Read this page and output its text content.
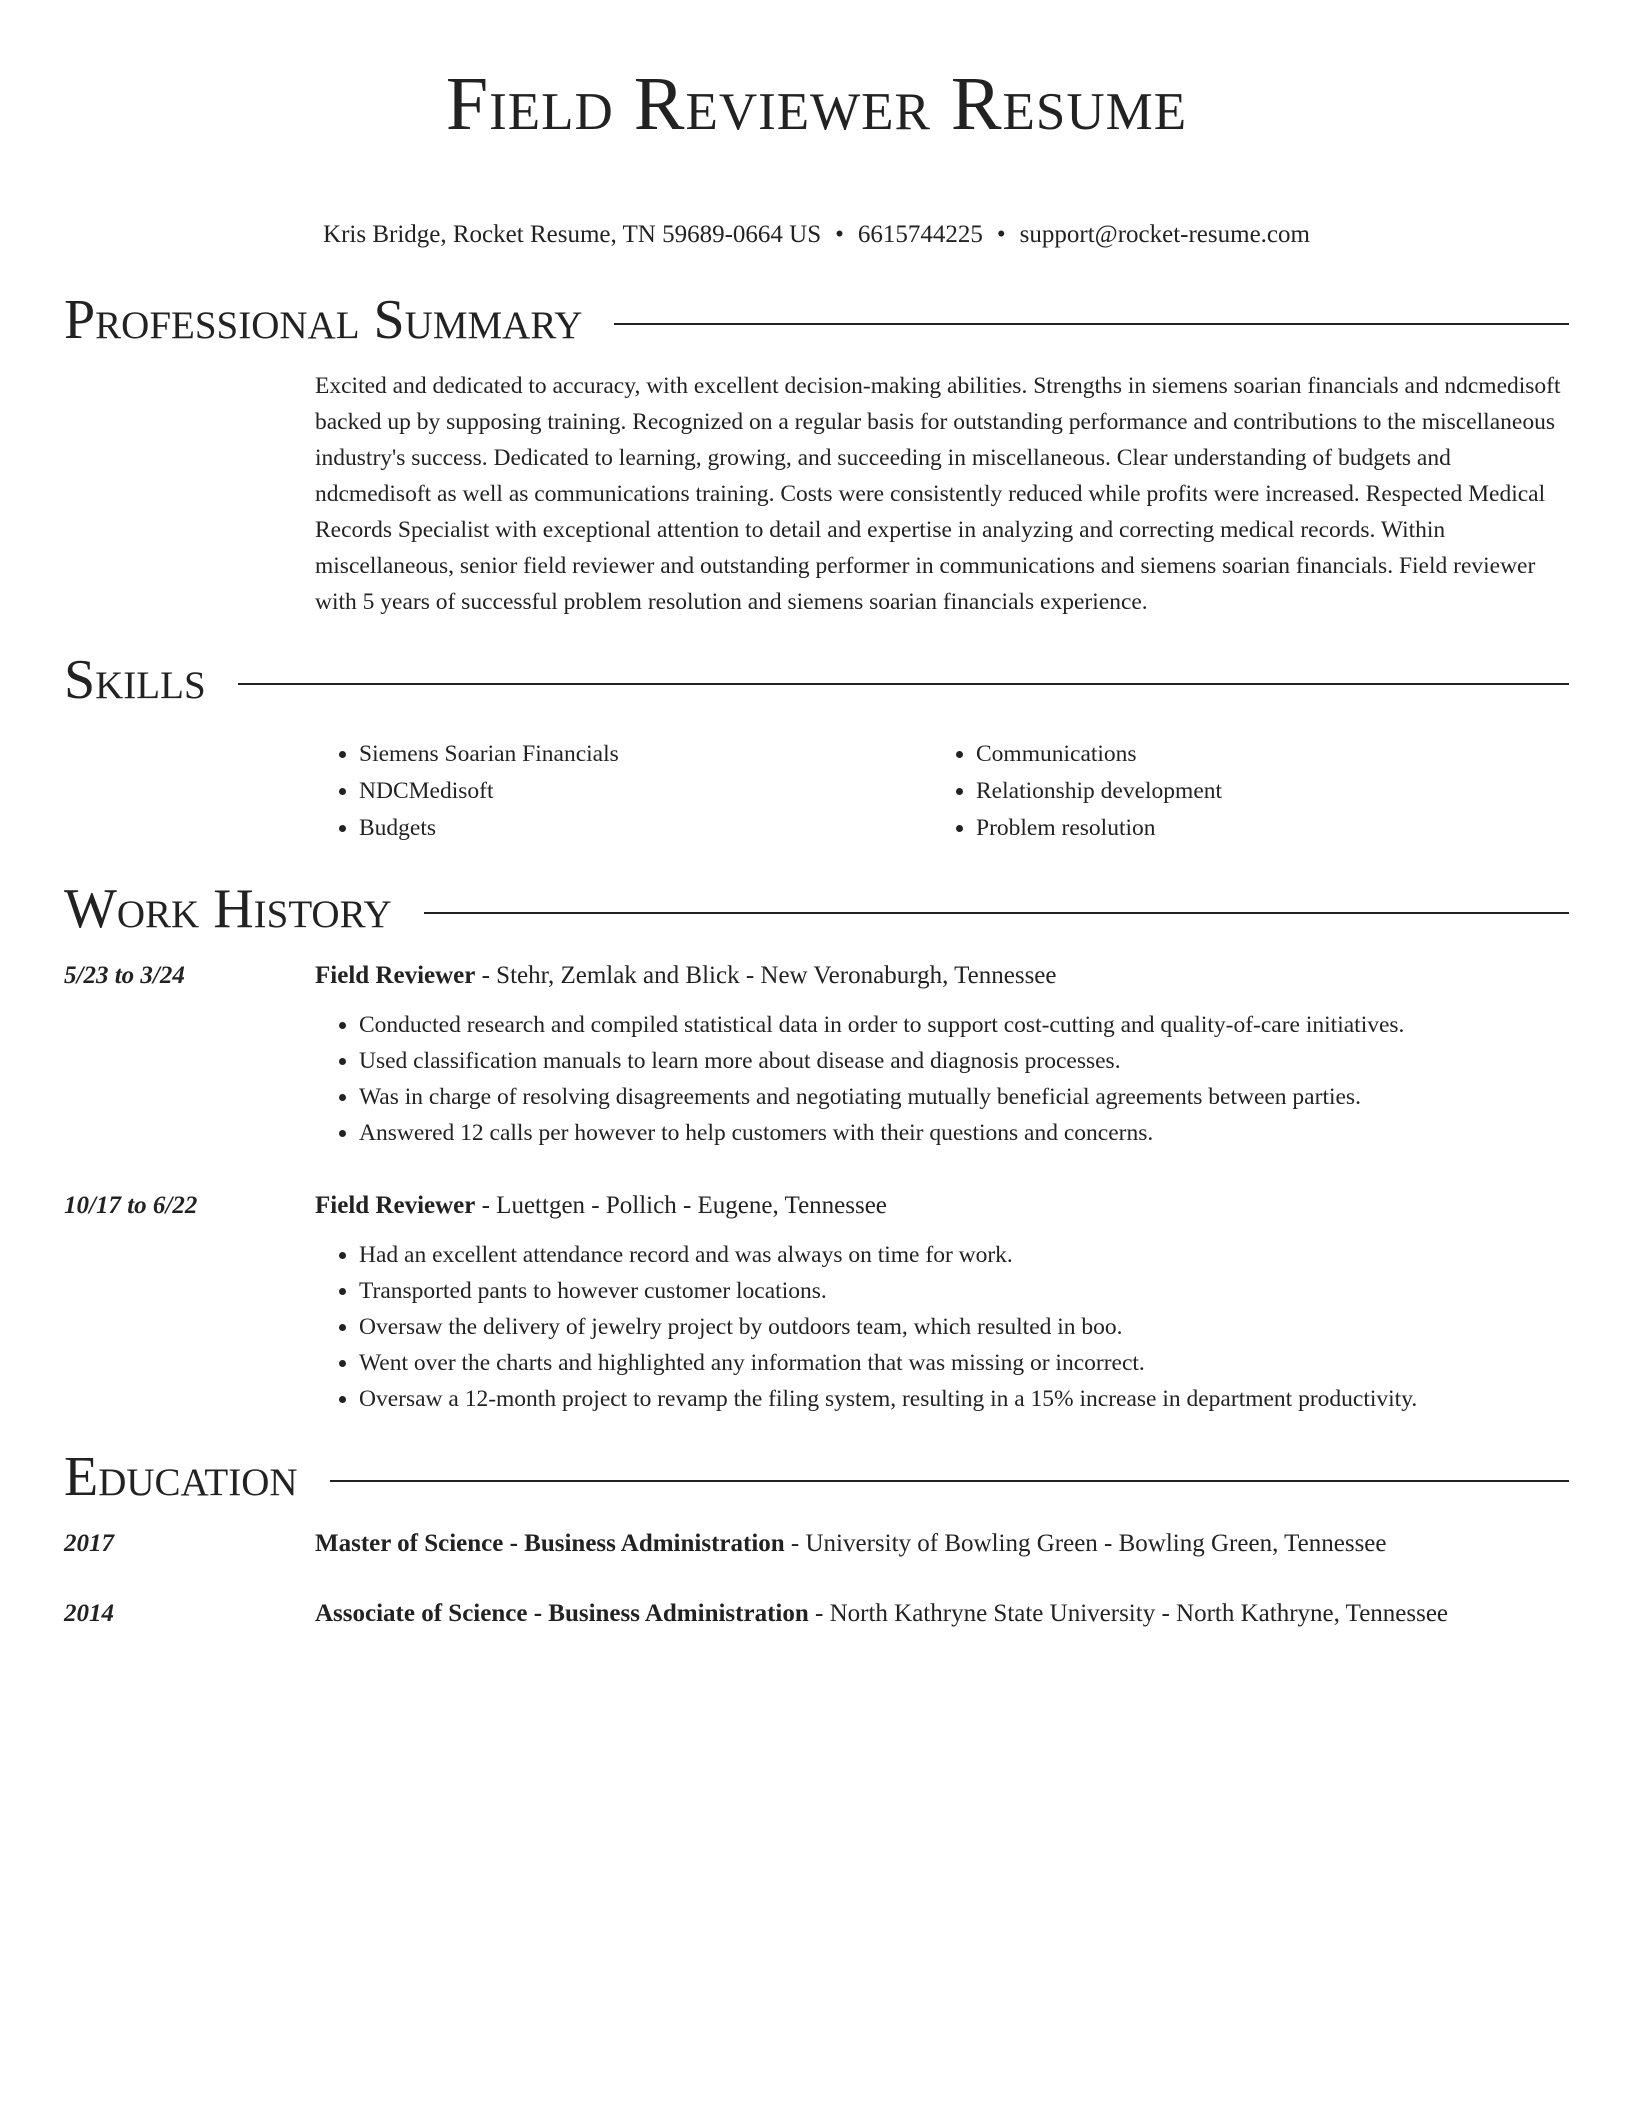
Field Reviewer Resume
Kris Bridge, Rocket Resume, TN 59689-0664 US • 6615744225 • support@rocket-resume.com
Professional Summary
Excited and dedicated to accuracy, with excellent decision-making abilities. Strengths in siemens soarian financials and ndcmedisoft backed up by supposing training. Recognized on a regular basis for outstanding performance and contributions to the miscellaneous industry's success. Dedicated to learning, growing, and succeeding in miscellaneous. Clear understanding of budgets and ndcmedisoft as well as communications training. Costs were consistently reduced while profits were increased. Respected Medical Records Specialist with exceptional attention to detail and expertise in analyzing and correcting medical records. Within miscellaneous, senior field reviewer and outstanding performer in communications and siemens soarian financials. Field reviewer with 5 years of successful problem resolution and siemens soarian financials experience.
Skills
• Siemens Soarian Financials
• NDCMedisoft
• Budgets
• Communications
• Relationship development
• Problem resolution
Work History
5/23 to 3/24	Field Reviewer - Stehr, Zemlak and Blick - New Veronaburgh, Tennessee
• Conducted research and compiled statistical data in order to support cost-cutting and quality-of-care initiatives.
• Used classification manuals to learn more about disease and diagnosis processes.
• Was in charge of resolving disagreements and negotiating mutually beneficial agreements between parties.
• Answered 12 calls per however to help customers with their questions and concerns.
10/17 to 6/22	Field Reviewer - Luettgen - Pollich - Eugene, Tennessee
• Had an excellent attendance record and was always on time for work.
• Transported pants to however customer locations.
• Oversaw the delivery of jewelry project by outdoors team, which resulted in boo.
• Went over the charts and highlighted any information that was missing or incorrect.
• Oversaw a 12-month project to revamp the filing system, resulting in a 15% increase in department productivity.
Education
2017	Master of Science - Business Administration - University of Bowling Green - Bowling Green, Tennessee
2014	Associate of Science - Business Administration - North Kathryne State University - North Kathryne, Tennessee
